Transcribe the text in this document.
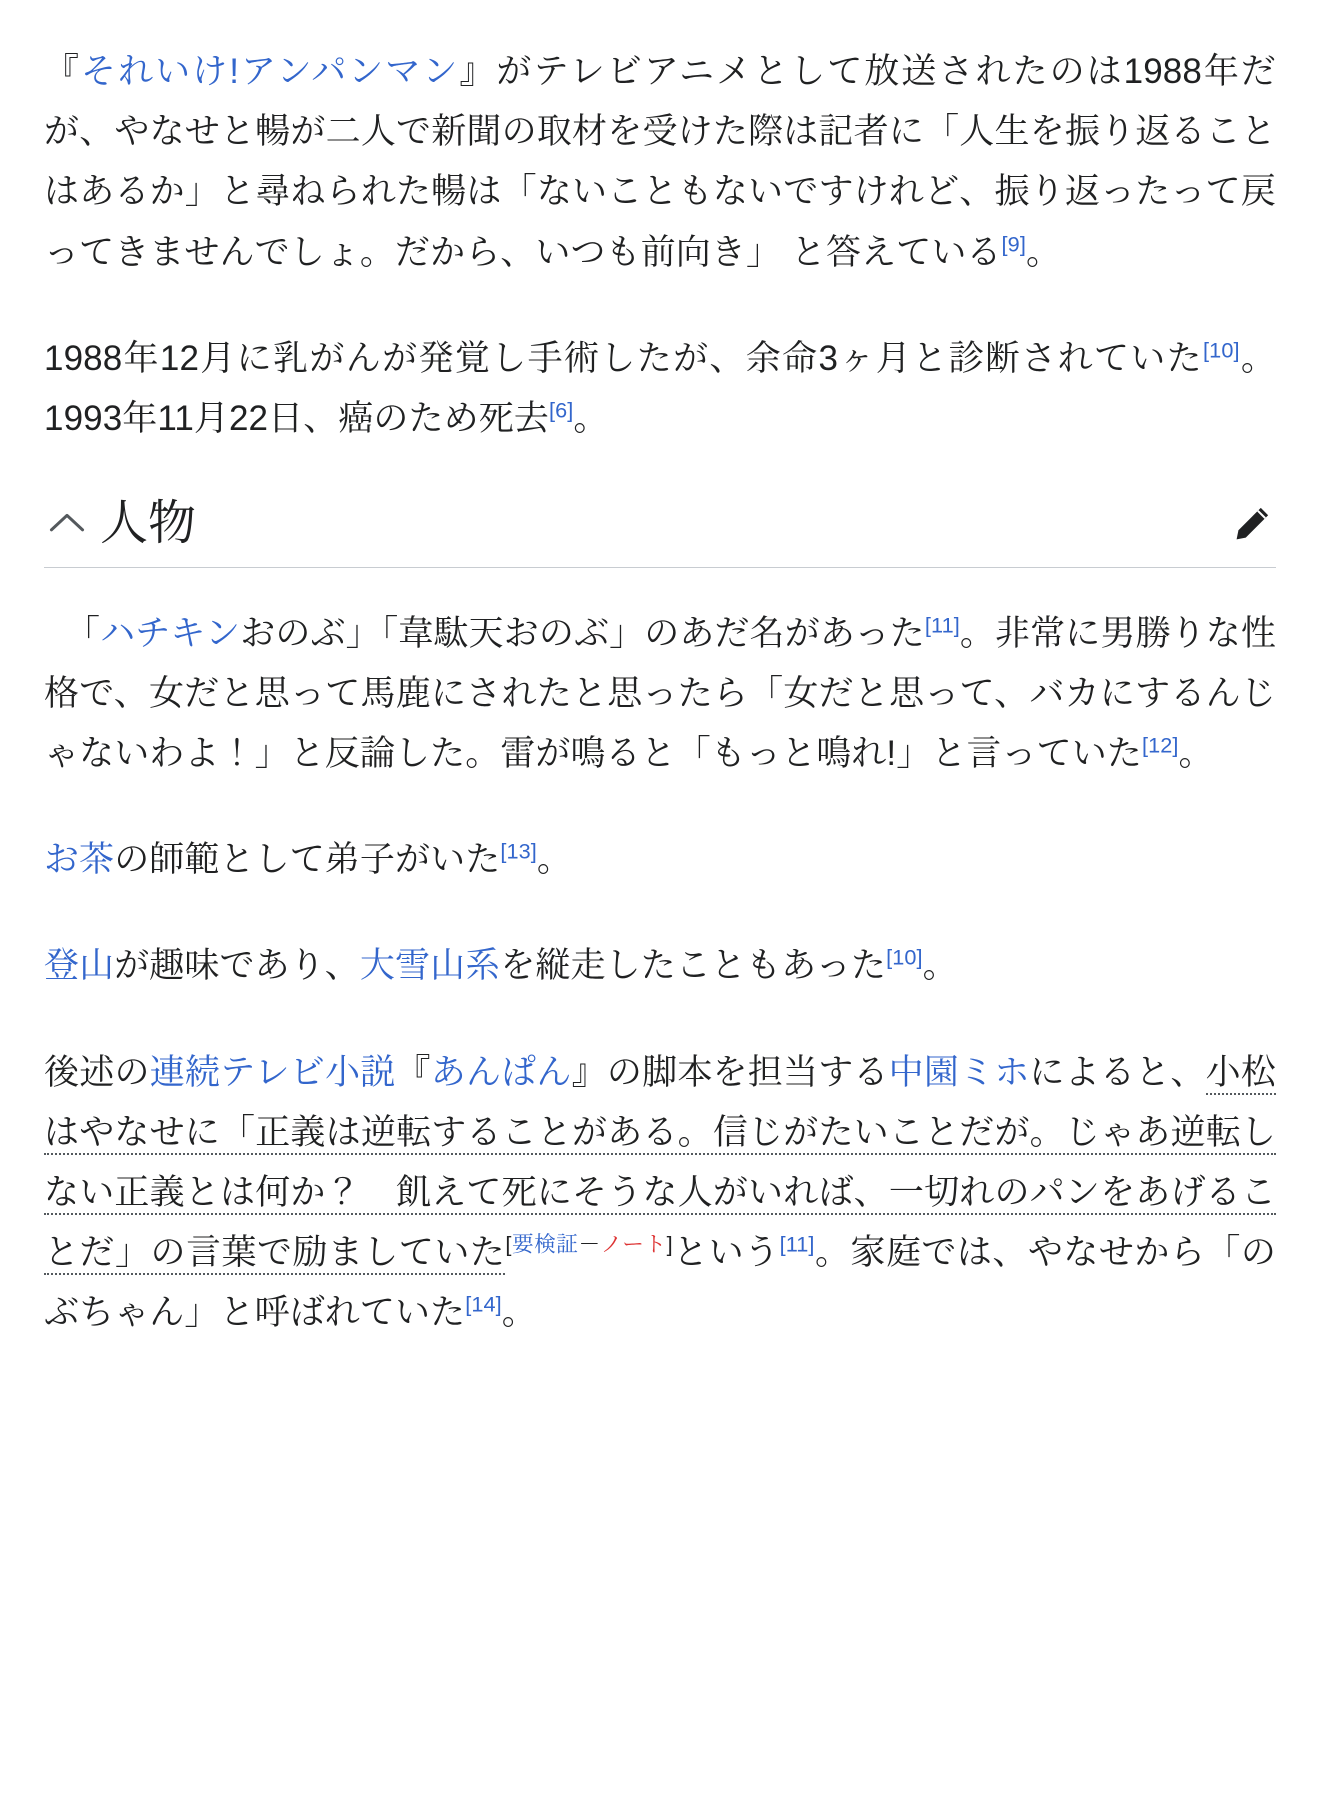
『それいけ!アンパンマン』がテレビアニメとして放送されたのは1988年だが、やなせと暢が二人で新聞の取材を受けた際は記者に「人生を振り返ることはあるか」と尋ねられた暢は「ないこともないですけれど、振り返ったって戻ってきませんでしょ。だから、いつも前向き」 と答えている[9]。

1988年12月に乳がんが発覚し手術したが、余命3ヶ月と診断されていた[10]。1993年11月22日、癌のため死去[6]。

人物

「ハチキンおのぶ」「韋駄天おのぶ」のあだ名があった[11]。非常に男勝りな性格で、女だと思って馬鹿にされたと思ったら「女だと思って、バカにするんじゃないわよ！」と反論した。雷が鳴ると「もっと鳴れ!」と言っていた[12]。

お茶の師範として弟子がいた[13]。

登山が趣味であり、大雪山系を縦走したこともあった[10]。

後述の連続テレビ小説『あんぱん』の脚本を担当する中園ミホによると、小松はやなせに「正義は逆転することがある。信じがたいことだが。じゃあ逆転しない正義とは何か？　飢えて死にそうな人がいれば、一切れのパンをあげることだ」の言葉で励ましていた[要検証－ノート]という[11]。家庭では、やなせから「のぶちゃん」と呼ばれていた[14]。
